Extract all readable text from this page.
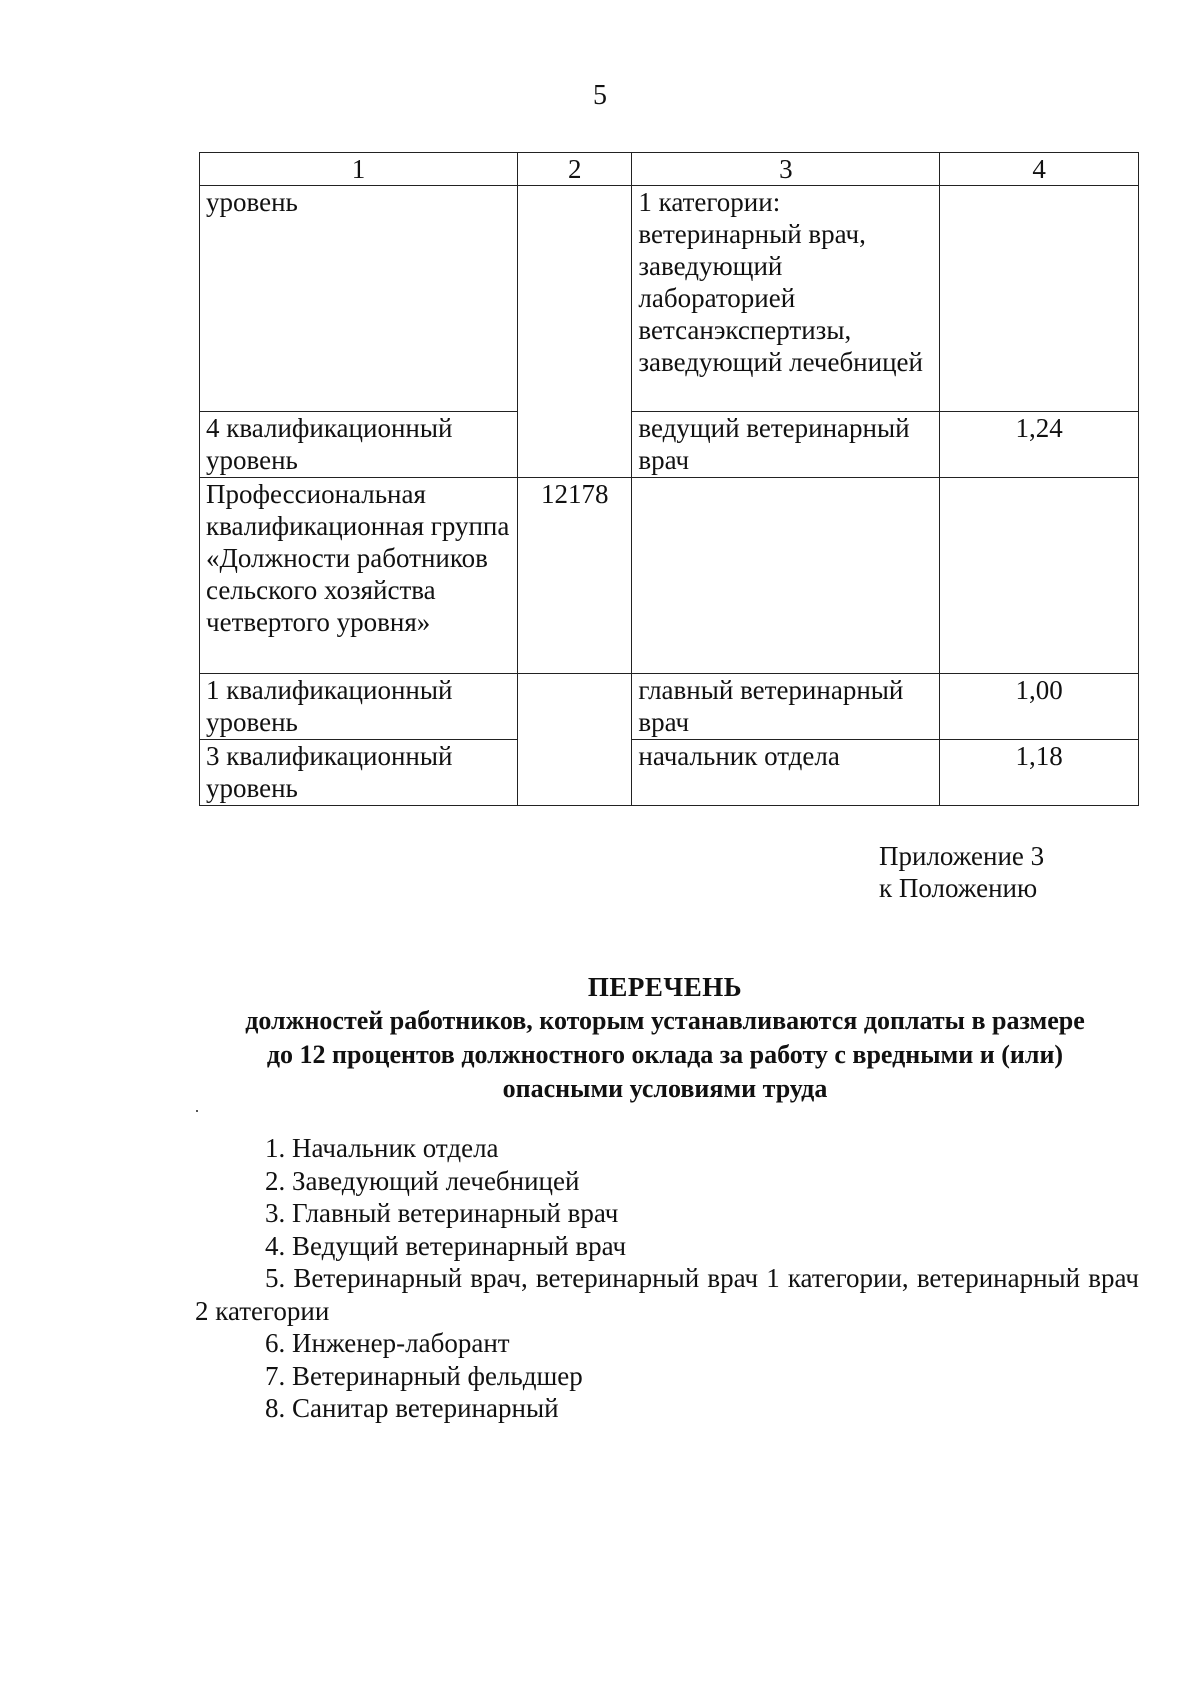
5
1	2	3	4
уровень		1 категории: ветеринарный врач, заведующий лабораторией ветсанэкспертизы, заведующий лечебницей	
4 квалификационный уровень		ведущий ветеринарный врач	1,24
Профессиональная квалификационная группа «Должности работников сельского хозяйства четвертого уровня»	12178		
1 квалификационный уровень		главный ветеринарный врач	1,00
3 квалификационный уровень		начальник отдела	1,18
Приложение 3
к Положению
ПЕРЕЧЕНЬ
должностей работников, которым устанавливаются доплаты в размере
до 12 процентов должностного оклада за работу с вредными и (или)
опасными условиями труда
1. Начальник отдела
2. Заведующий лечебницей
3. Главный ветеринарный врач
4. Ведущий ветеринарный врач
5. Ветеринарный врач, ветеринарный врач 1 категории, ветеринарный врач 2 категории
6. Инженер-лаборант
7. Ветеринарный фельдшер
8. Санитар ветеринарный
